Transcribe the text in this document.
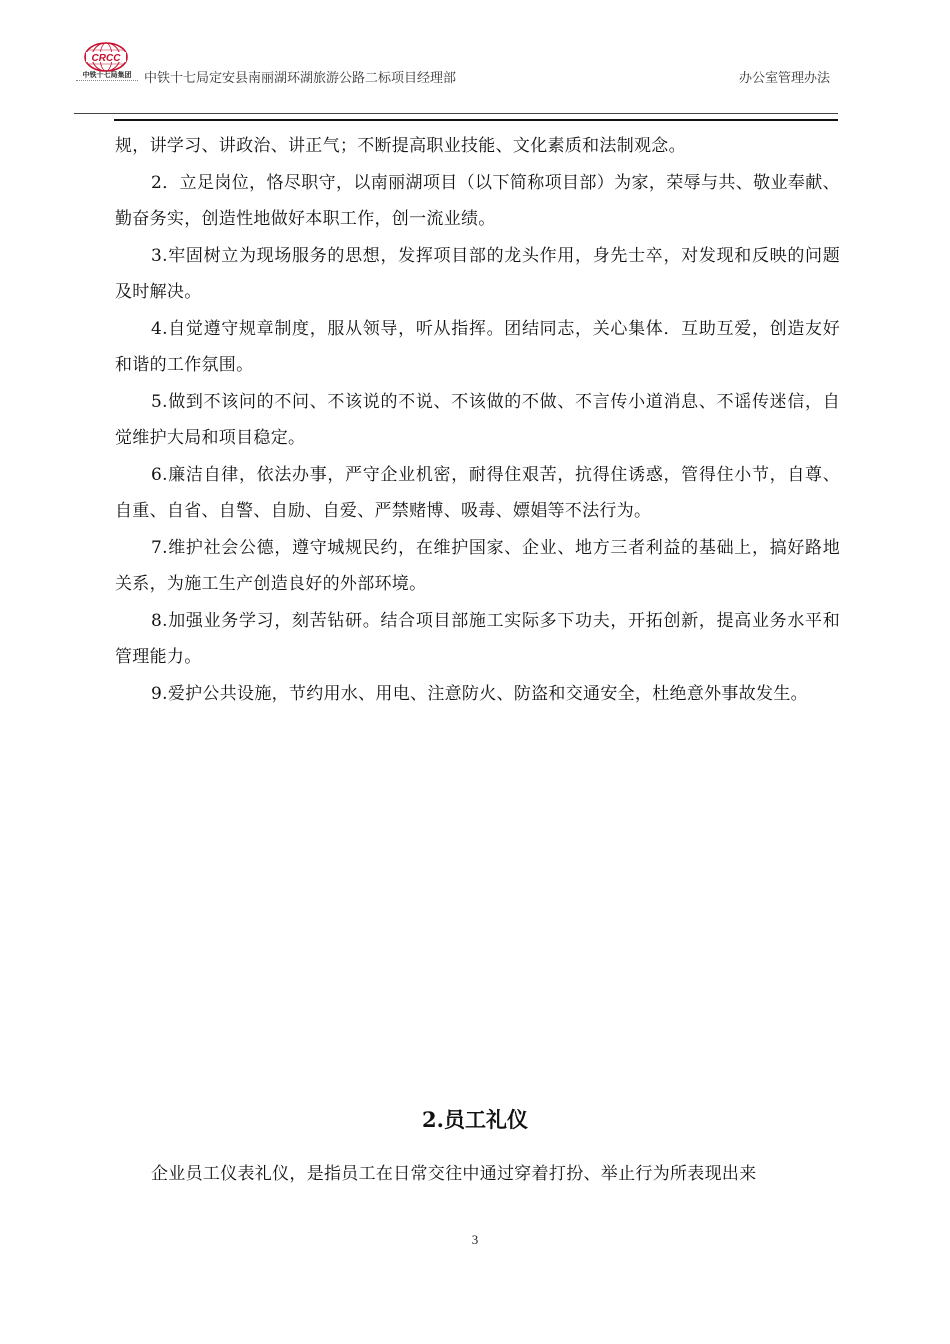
CRCC
中铁十七局集团 中铁十七局定安县南丽湖环湖旅游公路二标项目经理部	办公室管理办法

规，讲学习、讲政治、讲正气；不断提高职业技能、文化素质和法制观念。

2．立足岗位，恪尽职守，以南丽湖项目（以下简称项目部）为家，荣辱与共、敬业奉献、勤奋务实，创造性地做好本职工作，创一流业绩。

3.牢固树立为现场服务的思想，发挥项目部的龙头作用，身先士卒，对发现和反映的问题及时解决。

4.自觉遵守规章制度，服从领导，听从指挥。团结同志，关心集体．互助互爱，创造友好和谐的工作氛围。

5.做到不该问的不问、不该说的不说、不该做的不做、不言传小道消息、不谣传迷信，自觉维护大局和项目稳定。

6.廉洁自律，依法办事，严守企业机密，耐得住艰苦，抗得住诱惑，管得住小节，自尊、自重、自省、自警、自励、自爱、严禁赌博、吸毒、嫖娼等不法行为。

7.维护社会公德，遵守城规民约，在维护国家、企业、地方三者利益的基础上，搞好路地关系，为施工生产创造良好的外部环境。

8.加强业务学习，刻苦钻研。结合项目部施工实际多下功夫，开拓创新，提高业务水平和管理能力。

9.爱护公共设施，节约用水、用电、注意防火、防盗和交通安全，杜绝意外事故发生。

2.员工礼仪

企业员工仪表礼仪，是指员工在日常交往中通过穿着打扮、举止行为所表现出来

3
